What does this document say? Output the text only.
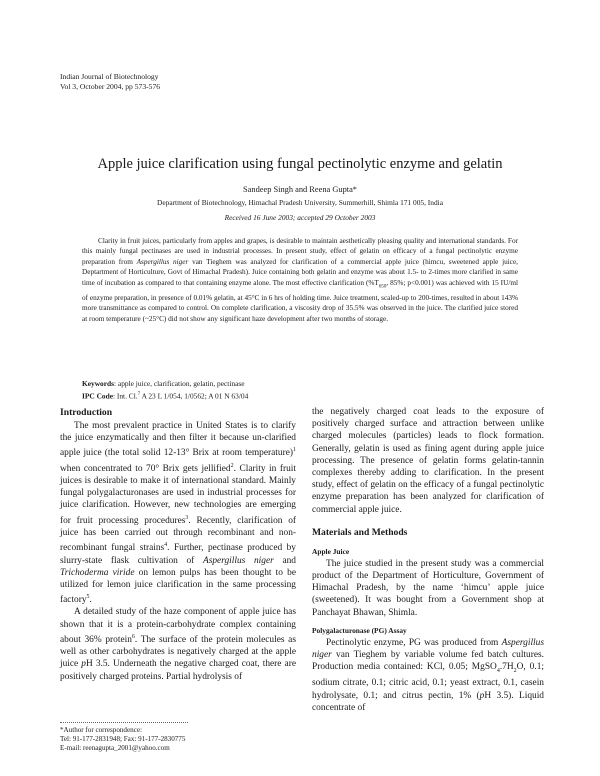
Indian Journal of Biotechnology
Vol 3, October 2004, pp 573-576
Apple juice clarification using fungal pectinolytic enzyme and gelatin
Sandeep Singh and Reena Gupta*
Department of Biotechnology, Himachal Pradesh University, Summerhill, Shimla 171 005, India
Received 16 June 2003; accepted 29 October 2003
Clarity in fruit juices, particularly from apples and grapes, is desirable to maintain aesthetically pleasing quality and international standards. For this mainly fungal pectinases are used in industrial processes. In present study, effect of gelatin on efficacy of a fungal pectinolytic enzyme preparation from Aspergillus niger van Tieghem was analyzed for clarification of a commercial apple juice (himcu, sweetened apple juice, Deptartment of Horticulture, Govt of Himachal Pradesh). Juice containing both gelatin and enzyme was about 1.5- to 2-times more clarified in same time of incubation as compared to that containing enzyme alone. The most effective clarification ($\%T_{650}$, 85%; p<0.001) was achieved with 15 IU/ml of enzyme preparation, in presence of 0.01% gelatin, at 45°C in 6 hrs of holding time. Juice treatment, scaled-up to 200-times, resulted in about 143% more transmittance as compared to control. On complete clarification, a viscosity drop of 35.5% was observed in the juice. The clarified juice stored at room temperature (~25°C) did not show any significant haze development after two months of storage.
Keywords: apple juice, clarification, gelatin, pectinase
IPC Code: Int. Cl.$^7$ A 23 L 1/054, 1/0562; A 01 N 63/04
Introduction

The most prevalent practice in United States is to clarify the juice enzymatically and then filter it because un-clarified apple juice (the total solid 12-13° Brix at room temperature)$^1$ when concentrated to 70° Brix gets jellified$^2$. Clarity in fruit juices is desirable to make it of international standard. Mainly fungal polygalacturonases are used in industrial processes for juice clarification. However, new technologies are emerging for fruit processing procedures$^3$. Recently, clarification of juice has been carried out through recombinant and non-recombinant fungal strains$^4$. Further, pectinase produced by slurry-state flask cultivation of Aspergillus niger and Trichoderma viride on lemon pulps has been thought to be utilized for lemon juice clarification in the same processing factory$^5$.

A detailed study of the haze component of apple juice has shown that it is a protein-carbohydrate complex containing about 36% protein$^6$. The surface of the protein molecules as well as other carbohydrates is negatively charged at the apple juice pH 3.5. Underneath the negative charged coat, there are positively charged proteins. Partial hydrolysis of

the negatively charged coat leads to the exposure of positively charged surface and attraction between unlike charged molecules (particles) leads to flock formation. Generally, gelatin is used as fining agent during apple juice processing. The presence of gelatin forms gelatin-tannin complexes thereby adding to clarification. In the present study, effect of gelatin on the efficacy of a fungal pectinolytic enzyme preparation has been analyzed for clarification of commercial apple juice.

Materials and Methods
Apple Juice

The juice studied in the present study was a commercial product of the Department of Horticulture, Government of Himachal Pradesh, by the name ‘himcu’ apple juice (sweetened). It was bought from a Government shop at Panchayat Bhawan, Shimla.

Polygalacturonase (PG) Assay

Pectinolytic enzyme, PG was produced from Aspergillus niger van Tieghem by variable volume fed batch cultures. Production media contained: KCl, 0.05; $MgSO_4.7H_2O$, 0.1; sodium citrate, 0.1; citric acid, 0.1; yeast extract, 0.1, casein hydrolysate, 0.1; and citrus pectin, 1% (pH 3.5). Liquid concentrate of

*Author for correspondence:
Tel: 91-177-2831948; Fax: 91-177-2830775
E-mail: reenagupta_2001@yahoo.com
